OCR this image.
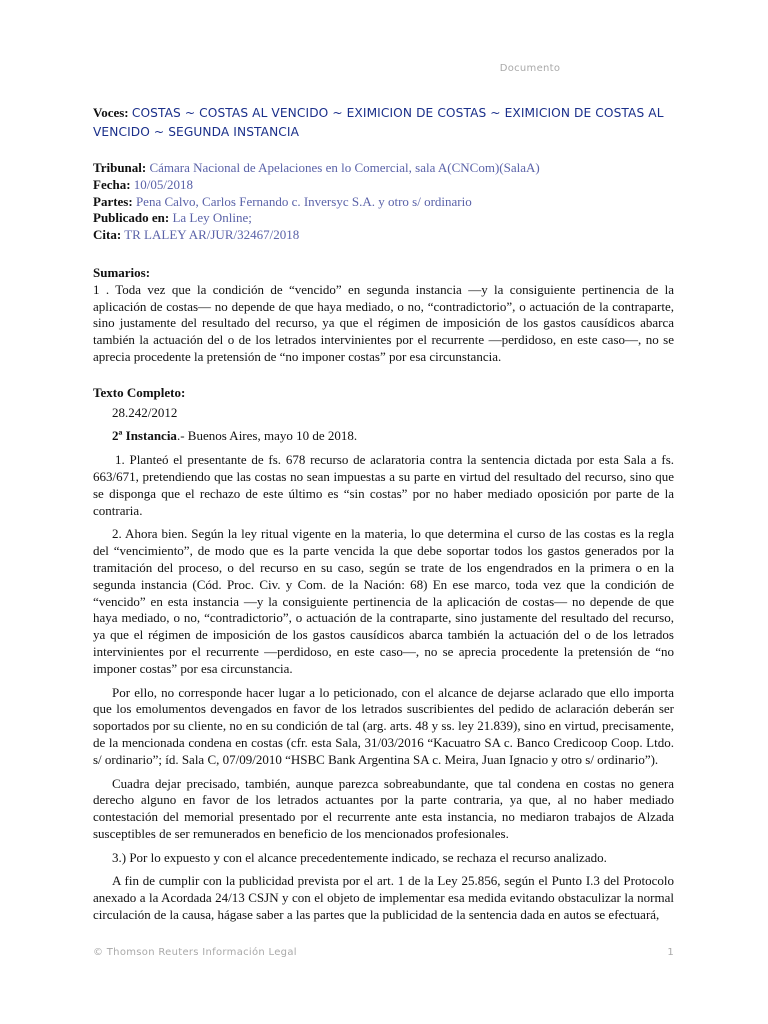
Documento

Voces: COSTAS ~ COSTAS AL VENCIDO ~ EXIMICION DE COSTAS ~ EXIMICION DE COSTAS AL VENCIDO ~ SEGUNDA INSTANCIA

Tribunal: Cámara Nacional de Apelaciones en lo Comercial, sala A(CNCom)(SalaA)
Fecha: 10/05/2018
Partes: Pena Calvo, Carlos Fernando c. Inversyc S.A. y otro s/ ordinario
Publicado en: La Ley Online;
Cita: TR LALEY AR/JUR/32467/2018

Sumarios:

1 . Toda vez que la condición de “vencido” en segunda instancia —y la consiguiente pertinencia de la aplicación de costas— no depende de que haya mediado, o no, “contradictorio”, o actuación de la contraparte, sino justamente del resultado del recurso, ya que el régimen de imposición de los gastos causídicos abarca también la actuación del o de los letrados intervinientes por el recurrente —perdidoso, en este caso—, no se aprecia procedente la pretensión de “no imponer costas” por esa circunstancia.

Texto Completo:

28.242/2012

2ª Instancia.- Buenos Aires, mayo 10 de 2018.

1. Planteó el presentante de fs. 678 recurso de aclaratoria contra la sentencia dictada por esta Sala a fs. 663/671, pretendiendo que las costas no sean impuestas a su parte en virtud del resultado del recurso, sino que se disponga que el rechazo de este último es “sin costas” por no haber mediado oposición por parte de la contraria.

2. Ahora bien. Según la ley ritual vigente en la materia, lo que determina el curso de las costas es la regla del “vencimiento”, de modo que es la parte vencida la que debe soportar todos los gastos generados por la tramitación del proceso, o del recurso en su caso, según se trate de los engendrados en la primera o en la segunda instancia (Cód. Proc. Civ. y Com. de la Nación: 68) En ese marco, toda vez que la condición de “vencido” en esta instancia —y la consiguiente pertinencia de la aplicación de costas— no depende de que haya mediado, o no, “contradictorio”, o actuación de la contraparte, sino justamente del resultado del recurso, ya que el régimen de imposición de los gastos causídicos abarca también la actuación del o de los letrados intervinientes por el recurrente —perdidoso, en este caso—, no se aprecia procedente la pretensión de “no imponer costas” por esa circunstancia.

Por ello, no corresponde hacer lugar a lo peticionado, con el alcance de dejarse aclarado que ello importa que los emolumentos devengados en favor de los letrados suscribientes del pedido de aclaración deberán ser soportados por su cliente, no en su condición de tal (arg. arts. 48 y ss. ley 21.839), sino en virtud, precisamente, de la mencionada condena en costas (cfr. esta Sala, 31/03/2016 “Kacuatro SA c. Banco Credicoop Coop. Ltdo. s/ ordinario”; íd. Sala C, 07/09/2010 “HSBC Bank Argentina SA c. Meira, Juan Ignacio y otro s/ ordinario”).

Cuadra dejar precisado, también, aunque parezca sobreabundante, que tal condena en costas no genera derecho alguno en favor de los letrados actuantes por la parte contraria, ya que, al no haber mediado contestación del memorial presentado por el recurrente ante esta instancia, no mediaron trabajos de Alzada susceptibles de ser remunerados en beneficio de los mencionados profesionales.

3.) Por lo expuesto y con el alcance precedentemente indicado, se rechaza el recurso analizado.

A fin de cumplir con la publicidad prevista por el art. 1 de la Ley 25.856, según el Punto I.3 del Protocolo anexado a la Acordada 24/13 CSJN y con el objeto de implementar esa medida evitando obstaculizar la normal circulación de la causa, hágase saber a las partes que la publicidad de la sentencia dada en autos se efectuará,

© Thomson Reuters Información Legal	1
